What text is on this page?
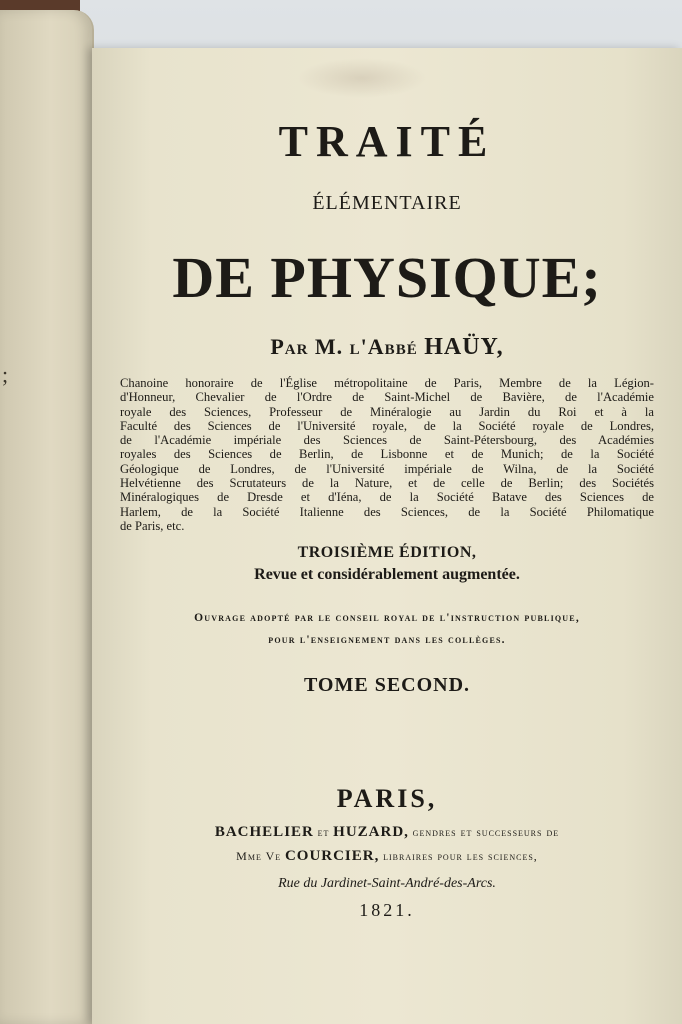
;
TRAITÉ
ÉLÉMENTAIRE
DE PHYSIQUE;
Par M. l'Abbé HAÜY,
Chanoine honoraire de l'Église métropolitaine de Paris, Membre de la Légion-
d'Honneur, Chevalier de l'Ordre de Saint-Michel de Bavière, de l'Académie
royale des Sciences, Professeur de Minéralogie au Jardin du Roi et à la
Faculté des Sciences de l'Université royale, de la Société royale de Londres,
de l'Académie impériale des Sciences de Saint-Pétersbourg, des Académies
royales des Sciences de Berlin, de Lisbonne et de Munich; de la Société
Géologique de Londres, de l'Université impériale de Wilna, de la Société
Helvétienne des Scrutateurs de la Nature, et de celle de Berlin; des Sociétés
Minéralogiques de Dresde et d'Iéna, de la Société Batave des Sciences de
Harlem, de la Société Italienne des Sciences, de la Société Philomatique
de Paris, etc.
TROISIÈME ÉDITION,
Revue et considérablement augmentée.
Ouvrage adopté par le conseil royal de l'instruction publique,
pour l'enseignement dans les collèges.
TOME SECOND.
PARIS,
BACHELIER et HUZARD, gendres et successeurs de
Mme Ve COURCIER, libraires pour les sciences,
Rue du Jardinet-Saint-André-des-Arcs.
1821.
